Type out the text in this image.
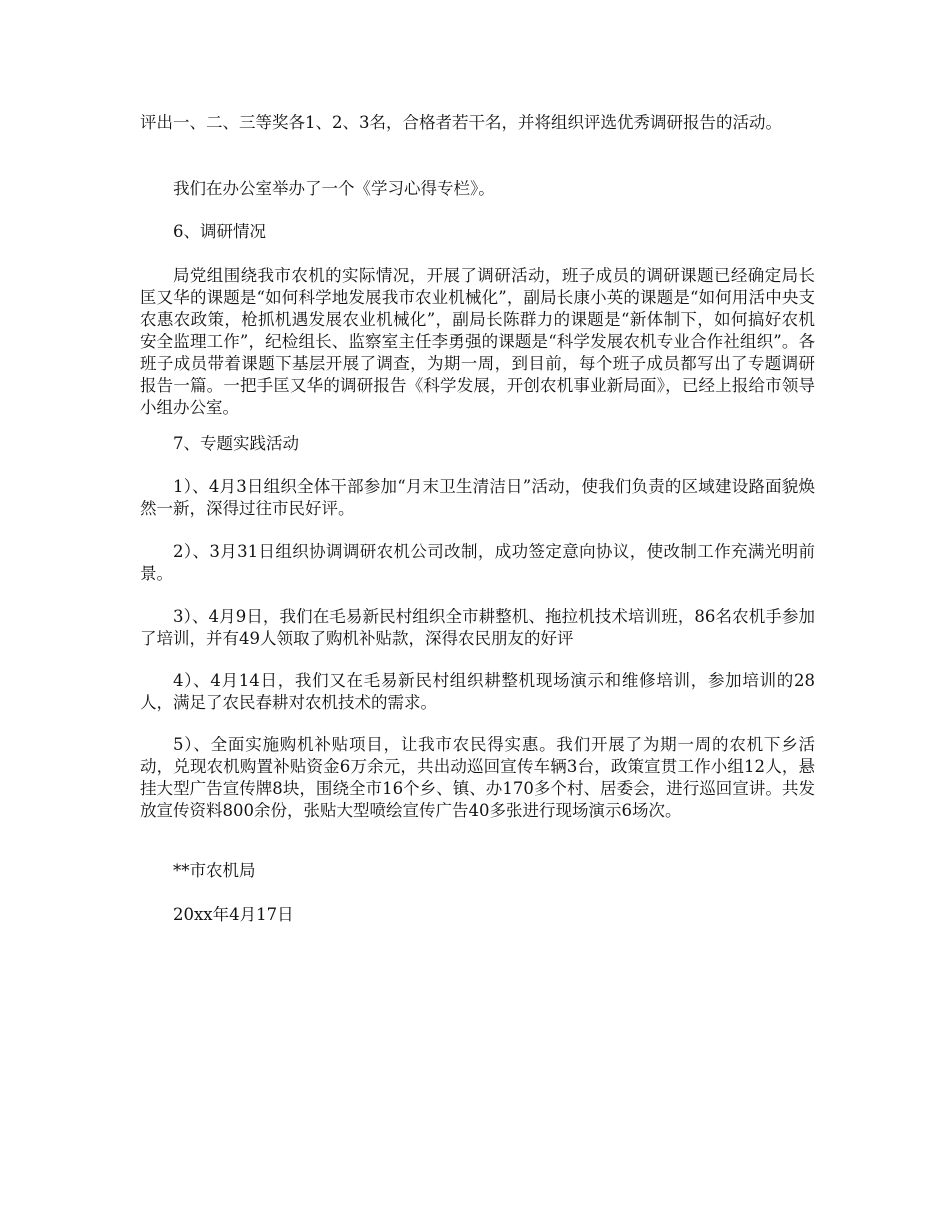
评出一、二、三等奖各1、2、3名，合格者若干名，并将组织评选优秀调研报告的活动。

我们在办公室举办了一个《学习心得专栏》。

6、调研情况

局党组围绕我市农机的实际情况，开展了调研活动，班子成员的调研课题已经确定局长匡又华的课题是“如何科学地发展我市农业机械化”，副局长康小英的课题是“如何用活中央支农惠农政策，枪抓机遇发展农业机械化”，副局长陈群力的课题是“新体制下，如何搞好农机安全监理工作”，纪检组长、监察室主任李勇强的课题是“科学发展农机专业合作社组织”。各班子成员带着课题下基层开展了调查，为期一周，到目前，每个班子成员都写出了专题调研报告一篇。一把手匡又华的调研报告《科学发展，开创农机事业新局面》，已经上报给市领导小组办公室。

7、专题实践活动

1）、4月3日组织全体干部参加“月末卫生清洁日”活动，使我们负责的区域建设路面貌焕然一新，深得过往市民好评。

2）、3月31日组织协调调研农机公司改制，成功签定意向协议，使改制工作充满光明前景。

3）、4月9日，我们在毛易新民村组织全市耕整机、拖拉机技术培训班，86名农机手参加了培训，并有49人领取了购机补贴款，深得农民朋友的好评

4）、4月14日，我们又在毛易新民村组织耕整机现场演示和维修培训，参加培训的28人，满足了农民春耕对农机技术的需求。

5）、全面实施购机补贴项目，让我市农民得实惠。我们开展了为期一周的农机下乡活动，兑现农机购置补贴资金6万余元，共出动巡回宣传车辆3台，政策宣贯工作小组12人，悬挂大型广告宣传牌8块，围绕全市16个乡、镇、办170多个村、居委会，进行巡回宣讲。共发放宣传资料800余份，张贴大型喷绘宣传广告40多张进行现场演示6场次。

**市农机局

20xx年4月17日
